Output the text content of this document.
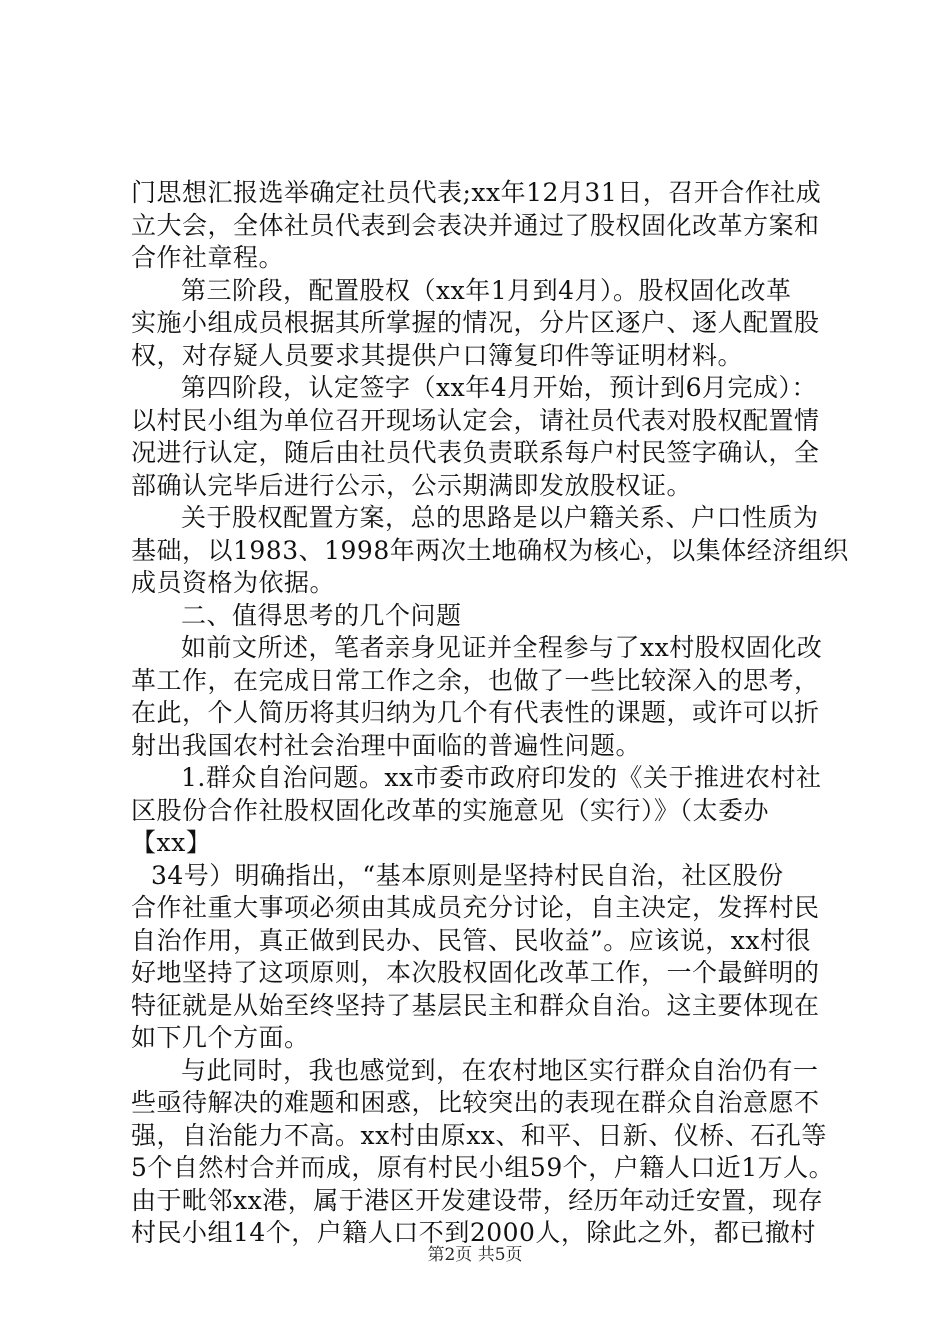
门思想汇报选举确定社员代表;xx年12月31日，召开合作社成
立大会，全体社员代表到会表决并通过了股权固化改革方案和
合作社章程。
第三阶段，配置股权（xx年1月到4月）。股权固化改革
实施小组成员根据其所掌握的情况，分片区逐户、逐人配置股
权，对存疑人员要求其提供户口簿复印件等证明材料。
第四阶段，认定签字（xx年4月开始，预计到6月完成）：
以村民小组为单位召开现场认定会，请社员代表对股权配置情
况进行认定，随后由社员代表负责联系每户村民签字确认，全
部确认完毕后进行公示，公示期满即发放股权证。
关于股权配置方案，总的思路是以户籍关系、户口性质为
基础，以1983、1998年两次土地确权为核心，以集体经济组织
成员资格为依据。
二、值得思考的几个问题
如前文所述，笔者亲身见证并全程参与了xx村股权固化改
革工作，在完成日常工作之余，也做了一些比较深入的思考，
在此，个人简历将其归纳为几个有代表性的课题，或许可以折
射出我国农村社会治理中面临的普遍性问题。
1.群众自治问题。xx市委市政府印发的《关于推进农村社
区股份合作社股权固化改革的实施意见（实行）》（太委办
【xx】
34号）明确指出，“基本原则是坚持村民自治，社区股份
合作社重大事项必须由其成员充分讨论，自主决定，发挥村民
自治作用，真正做到民办、民管、民收益”。应该说，xx村很
好地坚持了这项原则，本次股权固化改革工作，一个最鲜明的
特征就是从始至终坚持了基层民主和群众自治。这主要体现在
如下几个方面。
与此同时，我也感觉到，在农村地区实行群众自治仍有一
些亟待解决的难题和困惑，比较突出的表现在群众自治意愿不
强，自治能力不高。xx村由原xx、和平、日新、仪桥、石孔等
5个自然村合并而成，原有村民小组59个，户籍人口近1万人。
由于毗邻xx港，属于港区开发建设带，经历年动迁安置，现存
村民小组14个，户籍人口不到2000人，除此之外，都已撤村
第2页 共5页
